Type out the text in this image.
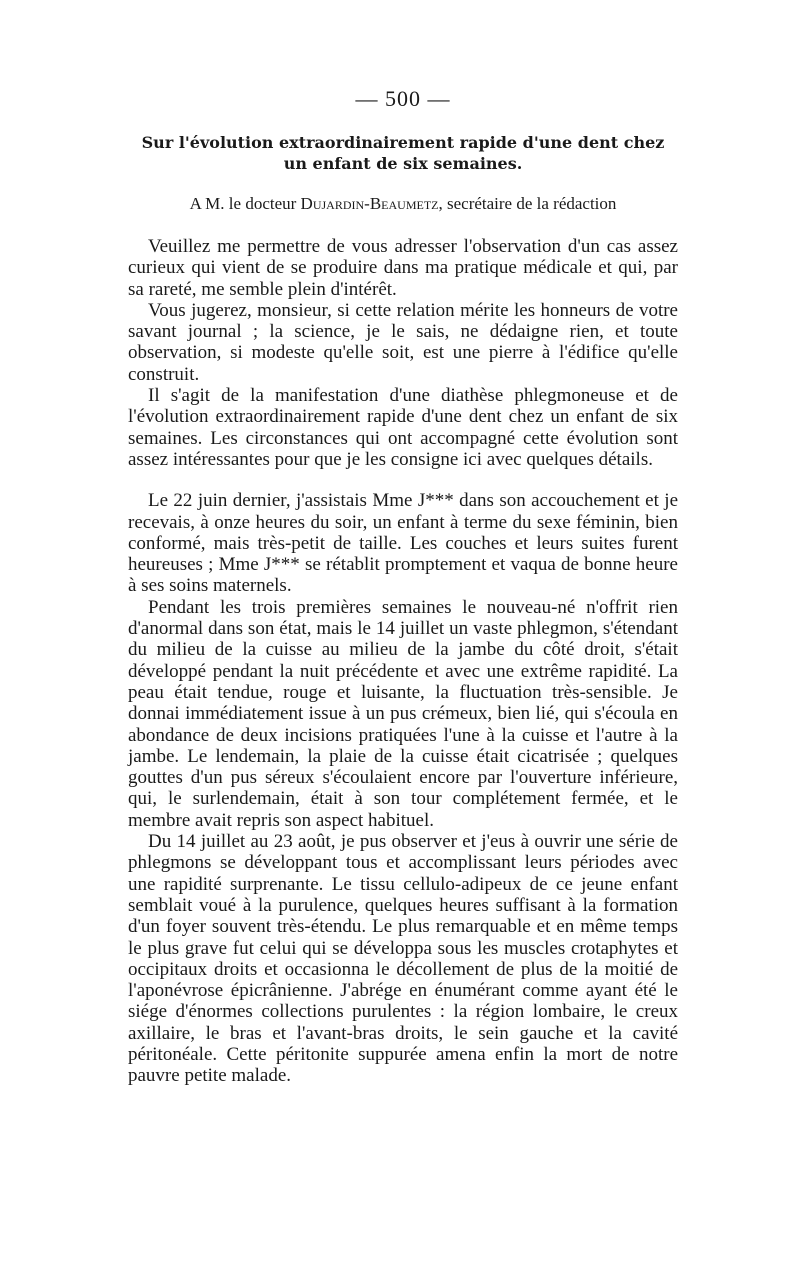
— 500 —
Sur l'évolution extraordinairement rapide d'une dent chez
un enfant de six semaines.
A M. le docteur Dujardin-Beaumetz, secrétaire de la rédaction

Veuillez me permettre de vous adresser l'observation d'un cas assez curieux qui vient de se produire dans ma pratique médicale et qui, par sa rareté, me semble plein d'intérêt.

Vous jugerez, monsieur, si cette relation mérite les honneurs de votre savant journal ; la science, je le sais, ne dédaigne rien, et toute observation, si modeste qu'elle soit, est une pierre à l'édifice qu'elle construit.

Il s'agit de la manifestation d'une diathèse phlegmoneuse et de l'évolution extraordinairement rapide d'une dent chez un enfant de six semaines. Les circonstances qui ont accompagné cette évolution sont assez intéressantes pour que je les consigne ici avec quelques détails.

Le 22 juin dernier, j'assistais Mme J*** dans son accouchement et je recevais, à onze heures du soir, un enfant à terme du sexe féminin, bien conformé, mais très-petit de taille. Les couches et leurs suites furent heureuses ; Mme J*** se rétablit promptement et vaqua de bonne heure à ses soins maternels.

Pendant les trois premières semaines le nouveau-né n'offrit rien d'anormal dans son état, mais le 14 juillet un vaste phlegmon, s'étendant du milieu de la cuisse au milieu de la jambe du côté droit, s'était développé pendant la nuit précédente et avec une extrême rapidité. La peau était tendue, rouge et luisante, la fluctuation très-sensible. Je donnai immédiatement issue à un pus crémeux, bien lié, qui s'écoula en abondance de deux incisions pratiquées l'une à la cuisse et l'autre à la jambe. Le lendemain, la plaie de la cuisse était cicatrisée ; quelques gouttes d'un pus séreux s'écoulaient encore par l'ouverture inférieure, qui, le surlendemain, était à son tour complétement fermée, et le membre avait repris son aspect habituel.

Du 14 juillet au 23 août, je pus observer et j'eus à ouvrir une série de phlegmons se développant tous et accomplissant leurs périodes avec une rapidité surprenante. Le tissu cellulo-adipeux de ce jeune enfant semblait voué à la purulence, quelques heures suffisant à la formation d'un foyer souvent très-étendu. Le plus remarquable et en même temps le plus grave fut celui qui se développa sous les muscles crotaphytes et occipitaux droits et occasionna le décollement de plus de la moitié de l'aponévrose épicrânienne. J'abrége en énumérant comme ayant été le siége d'énormes collections purulentes : la région lombaire, le creux axillaire, le bras et l'avant-bras droits, le sein gauche et la cavité péritonéale. Cette péritonite suppurée amena enfin la mort de notre pauvre petite malade.
